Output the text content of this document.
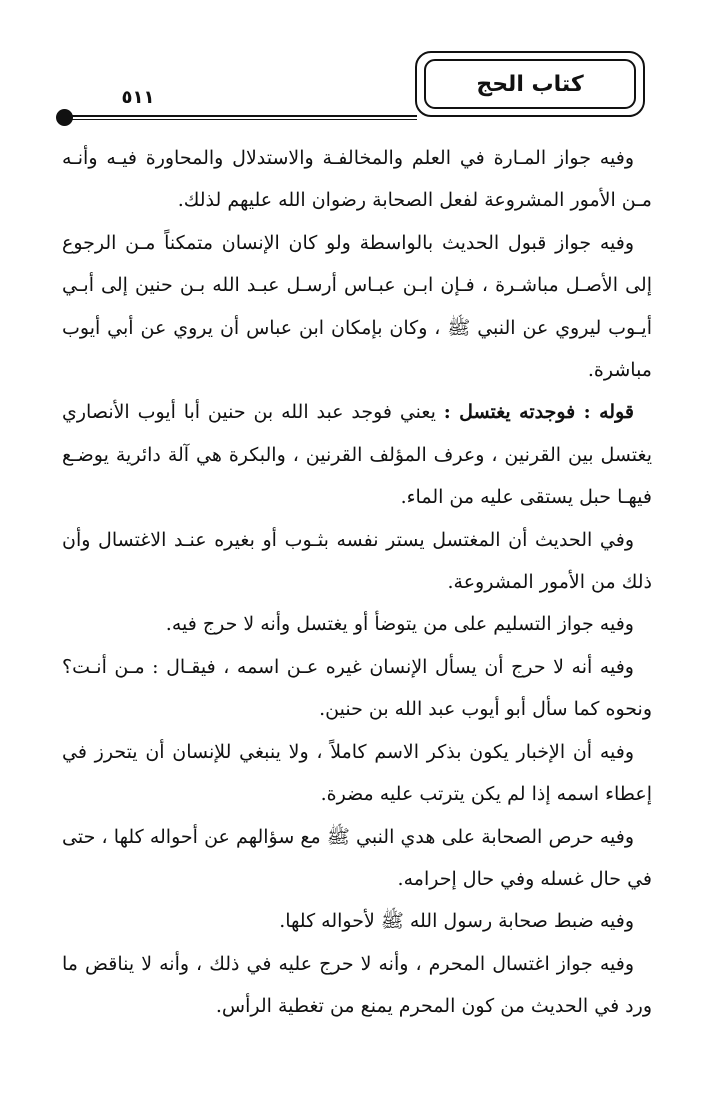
كتاب الحج
٥١١

وفيه جواز المـارة في العلم والمخالفـة والاستدلال والمحاورة فيـه وأنـه مـن الأمور المشروعة لفعل الصحابة رضوان الله عليهم لذلك.

وفيه جواز قبول الحديث بالواسطة ولو كان الإنسان متمكناً مـن الرجوع إلى الأصـل مباشـرة ، فـإن ابـن عبـاس أرسـل عبـد الله بـن حنين إلى أبـي أيـوب ليروي عن النبي ﷺ ، وكان بإمكان ابن عباس أن يروي عن أبي أيوب مباشرة.

قوله : فوجدته يغتسل : يعني فوجد عبد الله بن حنين أبا أيوب الأنصاري يغتسل بين القرنين ، وعرف المؤلف القرنين ، والبكرة هي آلة دائرية يوضـع فيهـا حبل يستقى عليه من الماء.

وفي الحديث أن المغتسل يستر نفسه بثـوب أو بغيره عنـد الاغتسال وأن ذلك من الأمور المشروعة.

وفيه جواز التسليم على من يتوضأ أو يغتسل وأنه لا حرج فيه.

وفيه أنه لا حرج أن يسأل الإنسان غيره عـن اسمه ، فيقـال : مـن أنـت؟ ونحوه كما سأل أبو أيوب عبد الله بن حنين.

وفيه أن الإخبار يكون بذكر الاسم كاملاً ، ولا ينبغي للإنسان أن يتحرز في إعطاء اسمه إذا لم يكن يترتب عليه مضرة.

وفيه حرص الصحابة على هدي النبي ﷺ مع سؤالهم عن أحواله كلها ، حتى في حال غسله وفي حال إحرامه.

وفيه ضبط صحابة رسول الله ﷺ لأحواله كلها.

وفيه جواز اغتسال المحرم ، وأنه لا حرج عليه في ذلك ، وأنه لا يناقض ما ورد في الحديث من كون المحرم يمنع من تغطية الرأس.
